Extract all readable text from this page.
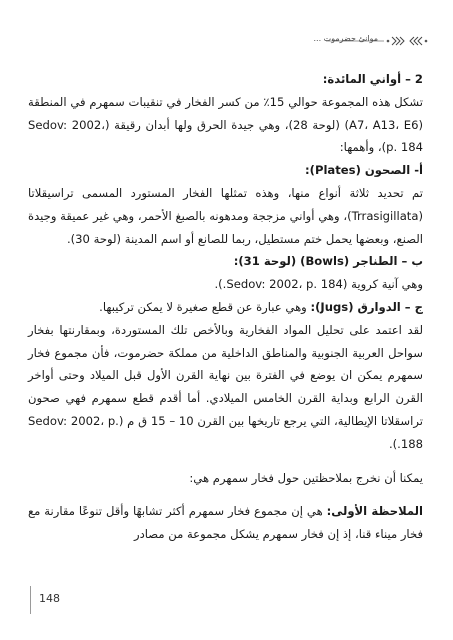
موانئ حضرموت ...

2 – أواني المائدة:

تشكل هذه المجموعة حوالي 15٪ من كسر الفخار في تنقيبات سمهرم في المنطقة (A7، A13، E6) (لوحة 28)، وهي جيدة الحرق ولها أبدان رقيقة (Sedov: 2002، p. 184)، وأهمها:

أ- الصحون (Plates):

تم تحديد ثلاثة أنواع منها، وهذه تمثلها الفخار المستورد المسمى تراسيقلاتا (Trrasigillata)، وهي أواني مزججة ومدهونه بالصبغ الأحمر، وهي غير عميقة وجيدة الصنع، وبعضها يحمل ختم مستطيل، ربما للصانع أو اسم المدينة (لوحة 30).

ب – الطناجر (Bowls) (لوحة 31):

وهي آنية كروية (Sedov: 2002، p. 184.).

ج – الدوارق (Jugs): وهي عبارة عن قطع صغيرة لا يمكن تركيبها.

لقد اعتمد على تحليل المواد الفخارية وبالأخص تلك المستوردة، وبمقارنتها بفخار سواحل العربية الجنوبية والمناطق الداخلية من مملكة حضرموت، فأن مجموع فخار سمهرم يمكن ان يوضع في الفترة بين نهاية القرن الأول قبل الميلاد وحتى أواخر القرن الرابع وبداية القرن الخامس الميلادي. أما أقدم قطع سمهرم فهي صحون تراسقلاتا الإيطالية، التي يرجع تاريخها بين القرن 10 – 15 ق م (Sedov: 2002، p. 188.).

يمكنا أن نخرج بملاحظتين حول فخار سمهرم هي:

الملاحظة الأولى: هي إن مجموع فخار سمهرم أكثر تشابهًا وأقل تنوعًا مقارنة مع فخار ميناء قنا، إذ إن فخار سمهرم يشكل مجموعة من مصادر

148
